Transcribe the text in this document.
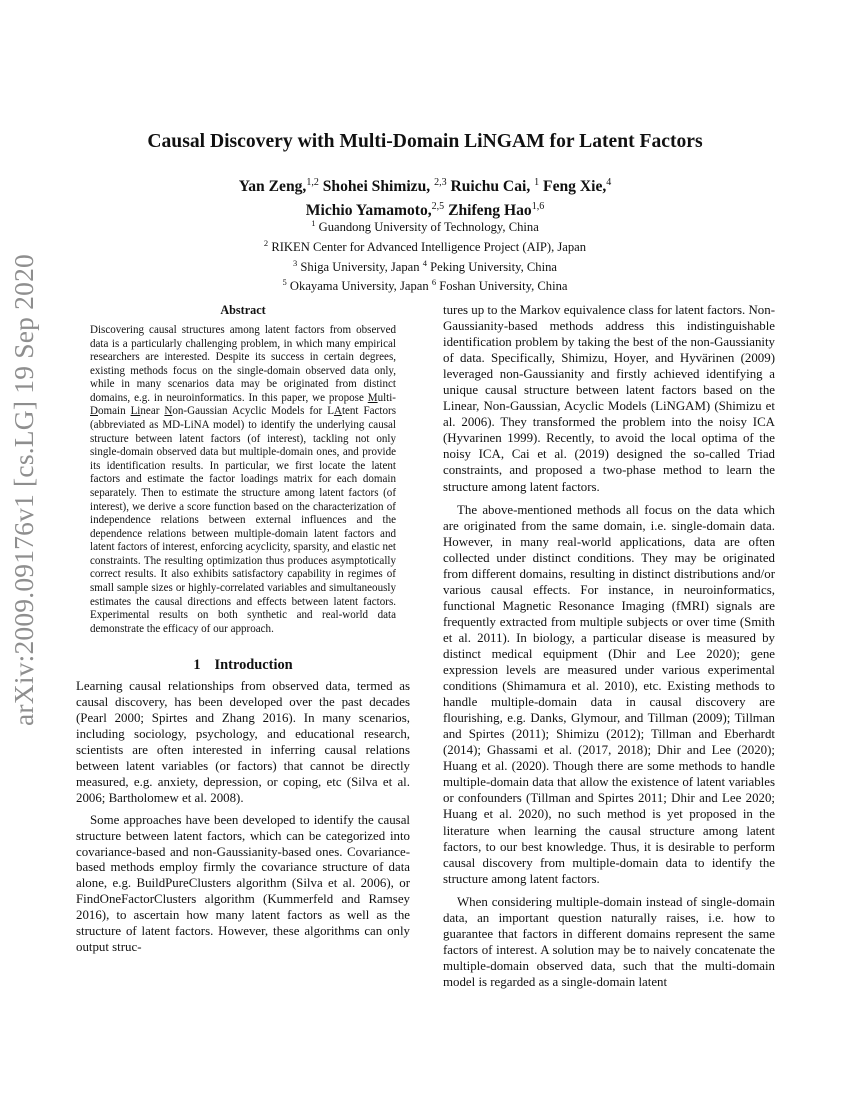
arXiv:2009.09176v1 [cs.LG] 19 Sep 2020
Causal Discovery with Multi-Domain LiNGAM for Latent Factors
Yan Zeng,$^{1,2}$ Shohei Shimizu, $^{2,3}$ Ruichu Cai, $^1$ Feng Xie,$^4$
Michio Yamamoto,$^{2,5}$ Zhifeng Hao$^{1,6}$
$^1$ Guandong University of Technology, China
$^2$ RIKEN Center for Advanced Intelligence Project (AIP), Japan
$^3$ Shiga University, Japan $^4$ Peking University, China
$^5$ Okayama University, Japan $^6$ Foshan University, China
Abstract

Discovering causal structures among latent factors from observed data is a particularly challenging problem, in which many empirical researchers are interested. Despite its success in certain degrees, existing methods focus on the single-domain observed data only, while in many scenarios data may be originated from distinct domains, e.g. in neuroinformatics. In this paper, we propose Multi-Domain Linear Non-Gaussian Acyclic Models for LAtent Factors (abbreviated as MD-LiNA model) to identify the underlying causal structure between latent factors (of interest), tackling not only single-domain observed data but multiple-domain ones, and provide its identification results. In particular, we first locate the latent factors and estimate the factor loadings matrix for each domain separately. Then to estimate the structure among latent factors (of interest), we derive a score function based on the characterization of independence relations between external influences and the dependence relations between multiple-domain latent factors and latent factors of interest, enforcing acyclicity, sparsity, and elastic net constraints. The resulting optimization thus produces asymptotically correct results. It also exhibits satisfactory capability in regimes of small sample sizes or highly-correlated variables and simultaneously estimates the causal directions and effects between latent factors. Experimental results on both synthetic and real-world data demonstrate the efficacy of our approach.

1 Introduction

Learning causal relationships from observed data, termed as causal discovery, has been developed over the past decades (Pearl 2000; Spirtes and Zhang 2016). In many scenarios, including sociology, psychology, and educational research, scientists are often interested in inferring causal relations between latent variables (or factors) that cannot be directly measured, e.g. anxiety, depression, or coping, etc (Silva et al. 2006; Bartholomew et al. 2008).

Some approaches have been developed to identify the causal structure between latent factors, which can be categorized into covariance-based and non-Gaussianity-based ones. Covariance-based methods employ firmly the covariance structure of data alone, e.g. BuildPureClusters algorithm (Silva et al. 2006), or FindOneFactorClusters algorithm (Kummerfeld and Ramsey 2016), to ascertain how many latent factors as well as the structure of latent factors. However, these algorithms can only output struc-

tures up to the Markov equivalence class for latent factors. Non-Gaussianity-based methods address this indistinguishable identification problem by taking the best of the non-Gaussianity of data. Specifically, Shimizu, Hoyer, and Hyvärinen (2009) leveraged non-Gaussianity and firstly achieved identifying a unique causal structure between latent factors based on the Linear, Non-Gaussian, Acyclic Models (LiNGAM) (Shimizu et al. 2006). They transformed the problem into the noisy ICA (Hyvarinen 1999). Recently, to avoid the local optima of the noisy ICA, Cai et al. (2019) designed the so-called Triad constraints, and proposed a two-phase method to learn the structure among latent factors.

The above-mentioned methods all focus on the data which are originated from the same domain, i.e. single-domain data. However, in many real-world applications, data are often collected under distinct conditions. They may be originated from different domains, resulting in distinct distributions and/or various causal effects. For instance, in neuroinformatics, functional Magnetic Resonance Imaging (fMRI) signals are frequently extracted from multiple subjects or over time (Smith et al. 2011). In biology, a particular disease is measured by distinct medical equipment (Dhir and Lee 2020); gene expression levels are measured under various experimental conditions (Shimamura et al. 2010), etc. Existing methods to handle multiple-domain data in causal discovery are flourishing, e.g. Danks, Glymour, and Tillman (2009); Tillman and Spirtes (2011); Shimizu (2012); Tillman and Eberhardt (2014); Ghassami et al. (2017, 2018); Dhir and Lee (2020); Huang et al. (2020). Though there are some methods to handle multiple-domain data that allow the existence of latent variables or confounders (Tillman and Spirtes 2011; Dhir and Lee 2020; Huang et al. 2020), no such method is yet proposed in the literature when learning the causal structure among latent factors, to our best knowledge. Thus, it is desirable to perform causal discovery from multiple-domain data to identify the structure among latent factors.

When considering multiple-domain instead of single-domain data, an important question naturally raises, i.e. how to guarantee that factors in different domains represent the same factors of interest. A solution may be to naively concatenate the multiple-domain observed data, such that the multi-domain model is regarded as a single-domain latent
